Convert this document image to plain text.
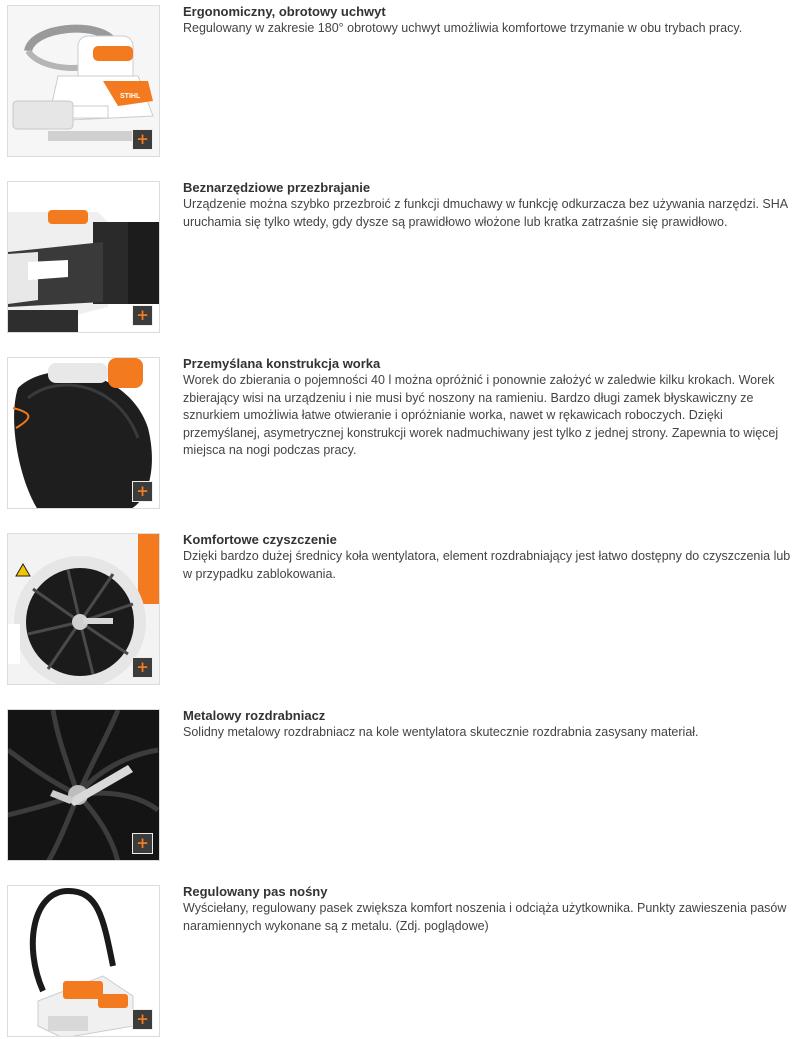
STIHL
+

Ergonomiczny, obrotowy uchwyt

Regulowany w zakresie 180° obrotowy uchwyt umożliwia komfortowe trzymanie w obu trybach pracy.

+

Beznarzędziowe przezbrajanie

Urządzenie można szybko przezbroić z funkcji dmuchawy w funkcję odkurzacza bez używania narzędzi. SHA uruchamia się tylko wtedy, gdy dysze są prawidłowo włożone lub kratka zatrzaśnie się prawidłowo.

+

Przemyślana konstrukcja worka

Worek do zbierania o pojemności 40 l można opróżnić i ponownie założyć w zaledwie kilku krokach. Worek zbierający wisi na urządzeniu i nie musi być noszony na ramieniu. Bardzo długi zamek błyskawiczny ze sznurkiem umożliwia łatwe otwieranie i opróżnianie worka, nawet w rękawicach roboczych. Dzięki przemyślanej, asymetrycznej konstrukcji worek nadmuchiwany jest tylko z jednej strony. Zapewnia to więcej miejsca na nogi podczas pracy.

+

Komfortowe czyszczenie

Dzięki bardzo dużej średnicy koła wentylatora, element rozdrabniający jest łatwo dostępny do czyszczenia lub w przypadku zablokowania.

+

Metalowy rozdrabniacz

Solidny metalowy rozdrabniacz na kole wentylatora skutecznie rozdrabnia zasysany materiał.

+

Regulowany pas nośny

Wyściełany, regulowany pasek zwiększa komfort noszenia i odciąża użytkownika. Punkty zawieszenia pasów naramiennych wykonane są z metalu. (Zdj. poglądowe)
